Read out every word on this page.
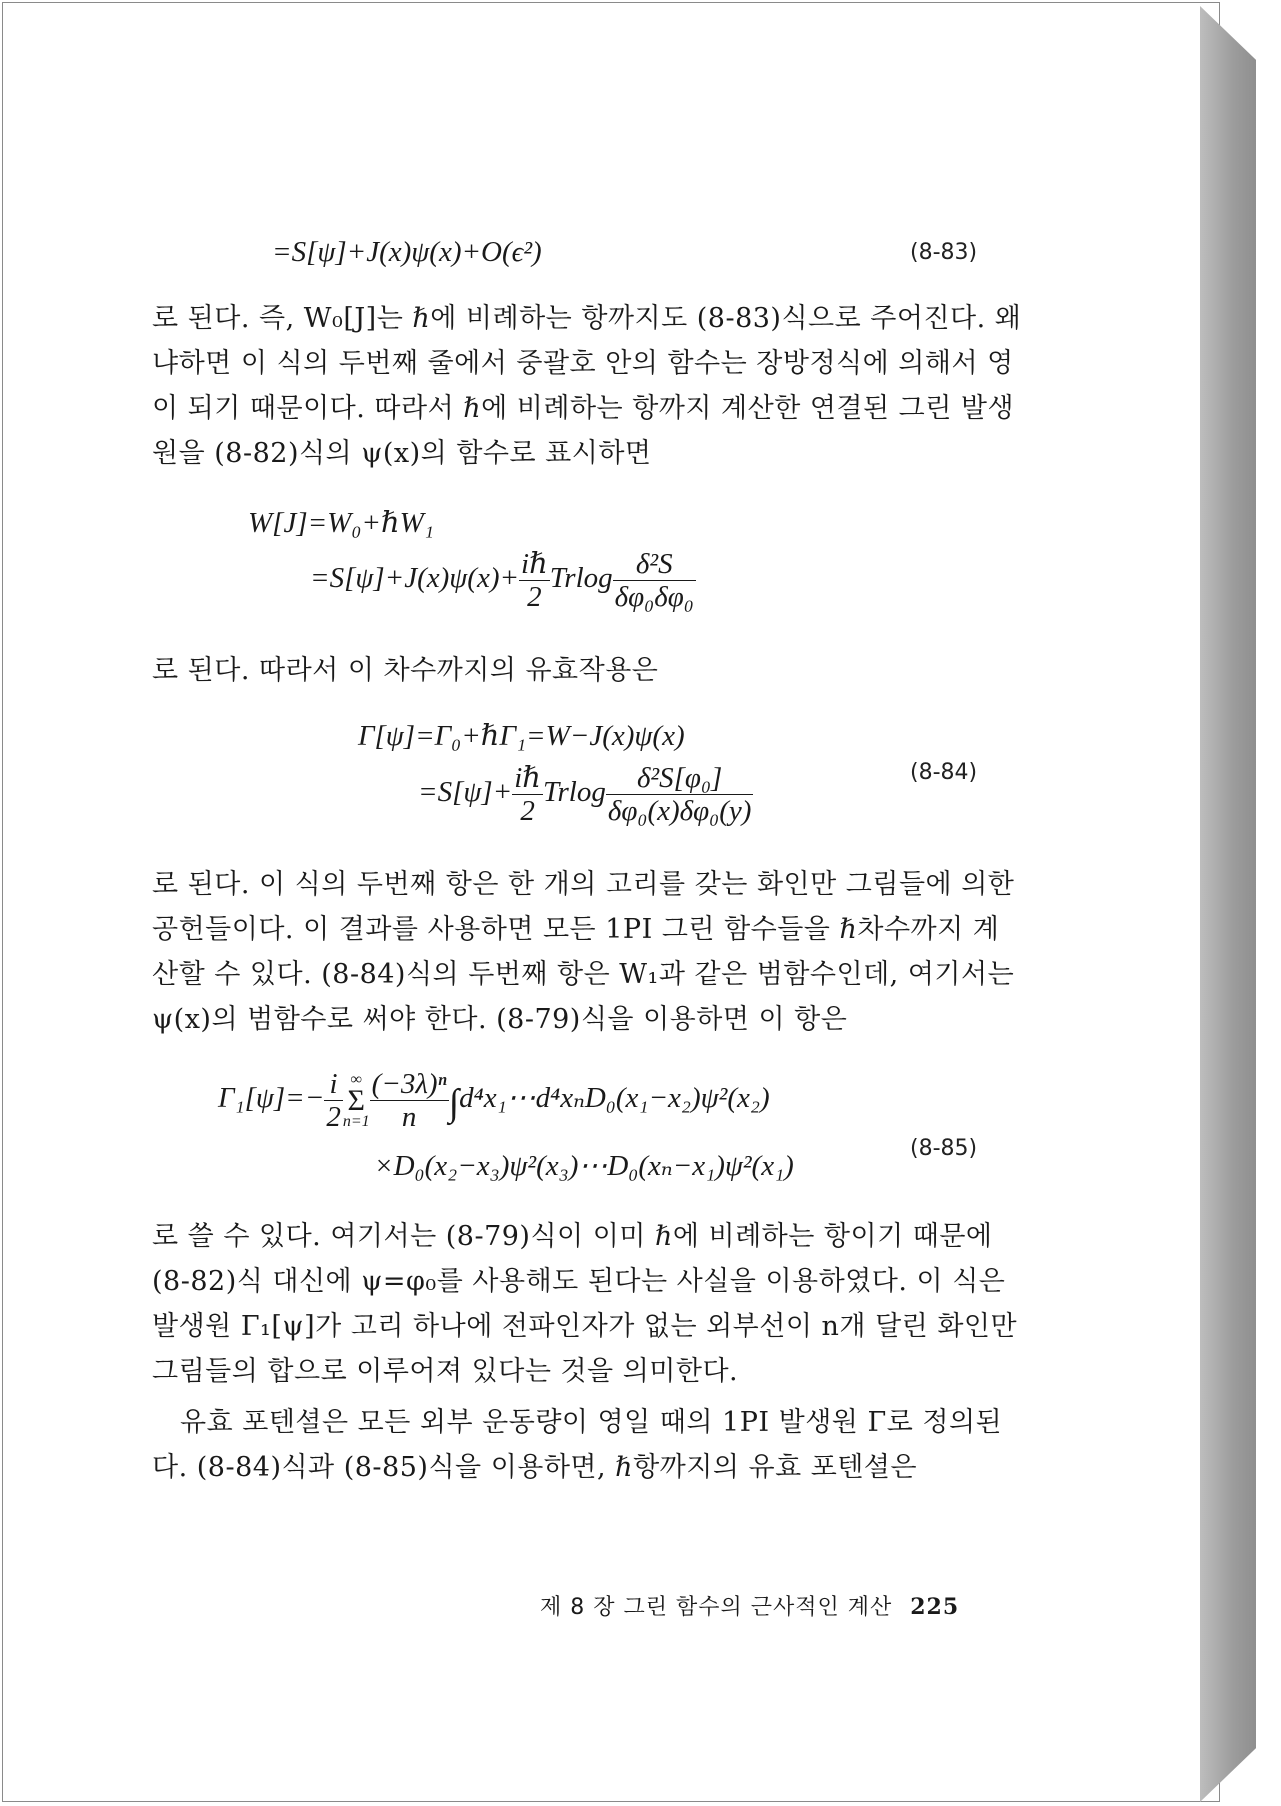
=S[ψ]+J(x)ψ(x)+O(ϵ²)	(8-83)
로 된다. 즉, W₀[J]는 ℏ에 비례하는 항까지도 (8-83)식으로 주어진다. 왜냐하면 이 식의 두번째 줄에서 중괄호 안의 함수는 장방정식에 의해서 영이 되기 때문이다. 따라서 ℏ에 비례하는 항까지 계산한 연결된 그린 발생원을 (8-82)식의 ψ(x)의 함수로 표시하면
W[J]=W₀+ℏW₁
$=S[\psi]+J(x)\psi(x)+ \frac{\text{iℏ}}{2}$ Trlog $\frac{\text{δ²S}}{\text{δφ₀δφ₀}}$
로 된다. 따라서 이 차수까지의 유효작용은
Γ[ψ]=Γ₀+ℏΓ₁=W−J(x)ψ(x)
$=S[\psi]+ \frac{\text{iℏ}}{2}$ Trlog $\frac{\text{δ²S[φ₀]}}{\text{δφ₀(x)δφ₀(y)}}$	(8-84)
로 된다. 이 식의 두번째 항은 한 개의 고리를 갖는 화인만 그림들에 의한 공헌들이다. 이 결과를 사용하면 모든 1PI 그린 함수들을 ℏ차수까지 계산할 수 있다. (8-84)식의 두번째 항은 W₁과 같은 범함수인데, 여기서는 ψ(x)의 범함수로 써야 한다. (8-79)식을 이용하면 이 항은
$\Gamma_1[\psi]=- \frac{i}{2}$ ∞
Σ
$n=1 \frac{\text{(−3λ)ⁿ}}{n}$ ∫d⁴x₁⋯d⁴xₙD₀(x₁−x₂)ψ²(x₂)
×D₀(x₂−x₃)ψ²(x₃)⋯D₀(xₙ−x₁)ψ²(x₁)
(8-85)
로 쓸 수 있다. 여기서는 (8-79)식이 이미 ℏ에 비례하는 항이기 때문에 (8-82)식 대신에 ψ=φ₀를 사용해도 된다는 사실을 이용하였다. 이 식은 발생원 Γ₁[ψ]가 고리 하나에 전파인자가 없는 외부선이 n개 달린 화인만 그림들의 합으로 이루어져 있다는 것을 의미한다.
유효 포텐셜은 모든 외부 운동량이 영일 때의 1PI 발생원 Γ로 정의된다. (8-84)식과 (8-85)식을 이용하면, ℏ항까지의 유효 포텐셜은
제 8 장 그린 함수의 근사적인 계산 225
